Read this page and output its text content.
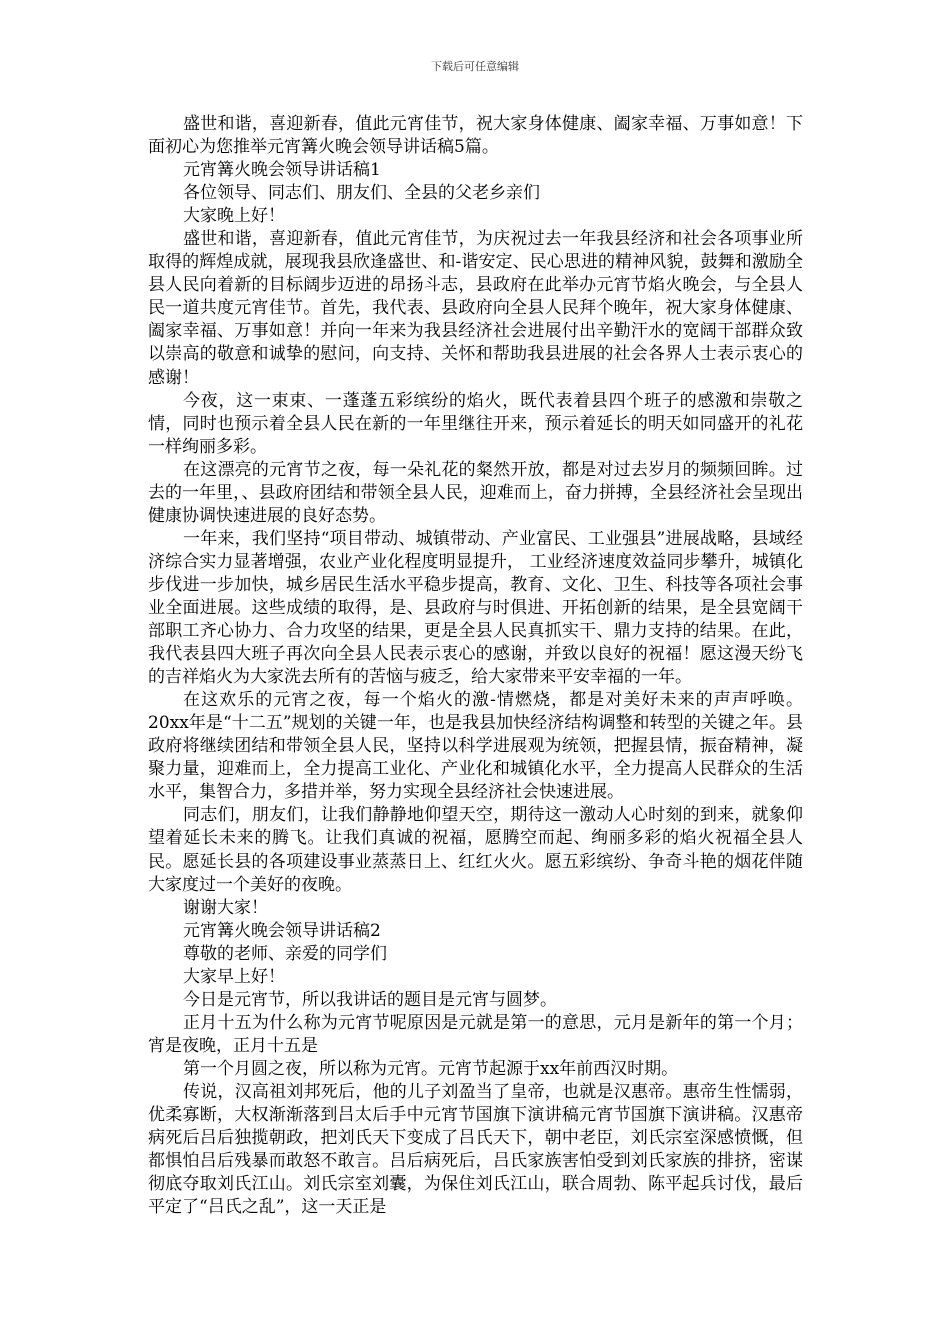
下载后可任意编辑

盛世和谐，喜迎新春，值此元宵佳节，祝大家身体健康、阖家幸福、万事如意！下面初心为您推举元宵篝火晚会领导讲话稿5篇。

元宵篝火晚会领导讲话稿1

各位领导、同志们、朋友们、全县的父老乡亲们

大家晚上好！

盛世和谐，喜迎新春，值此元宵佳节，为庆祝过去一年我县经济和社会各项事业所取得的辉煌成就，展现我县欣逢盛世、和-谐安定、民心思进的精神风貌，鼓舞和激励全县人民向着新的目标阔步迈进的昂扬斗志，县政府在此举办元宵节焰火晚会，与全县人民一道共度元宵佳节。首先，我代表、县政府向全县人民拜个晚年，祝大家身体健康、阖家幸福、万事如意！并向一年来为我县经济社会进展付出辛勤汗水的宽阔干部群众致以崇高的敬意和诚挚的慰问，向支持、关怀和帮助我县进展的社会各界人士表示衷心的感谢！

今夜，这一束束、一蓬蓬五彩缤纷的焰火，既代表着县四个班子的感激和崇敬之情，同时也预示着全县人民在新的一年里继往开来，预示着延长的明天如同盛开的礼花一样绚丽多彩。

在这漂亮的元宵节之夜，每一朵礼花的粲然开放，都是对过去岁月的频频回眸。过去的一年里，、县政府团结和带领全县人民，迎难而上，奋力拼搏，全县经济社会呈现出健康协调快速进展的良好态势。

一年来，我们坚持“项目带动、城镇带动、产业富民、工业强县”进展战略，县域经济综合实力显著增强，农业产业化程度明显提升， 工业经济速度效益同步攀升，城镇化步伐进一步加快，城乡居民生活水平稳步提高，教育、文化、卫生、科技等各项社会事业全面进展。这些成绩的取得，是、县政府与时俱进、开拓创新的结果，是全县宽阔干部职工齐心协力、合力攻坚的结果，更是全县人民真抓实干、鼎力支持的结果。在此，我代表县四大班子再次向全县人民表示衷心的感谢，并致以良好的祝福！愿这漫天纷飞的吉祥焰火为大家洗去所有的苦恼与疲乏，给大家带来平安幸福的一年。

在这欢乐的元宵之夜，每一个焰火的激-情燃烧，都是对美好未来的声声呼唤。20xx年是“十二五”规划的关键一年，也是我县加快经济结构调整和转型的关键之年。县政府将继续团结和带领全县人民，坚持以科学进展观为统领，把握县情，振奋精神，凝聚力量，迎难而上，全力提高工业化、产业化和城镇化水平，全力提高人民群众的生活水平，集智合力，多措并举，努力实现全县经济社会快速进展。

同志们，朋友们，让我们静静地仰望天空，期待这一激动人心时刻的到来，就象仰望着延长未来的腾飞。让我们真诚的祝福，愿腾空而起、绚丽多彩的焰火祝福全县人民。愿延长县的各项建设事业蒸蒸日上、红红火火。愿五彩缤纷、争奇斗艳的烟花伴随大家度过一个美好的夜晚。

谢谢大家！

元宵篝火晚会领导讲话稿2

尊敬的老师、亲爱的同学们

大家早上好！

今日是元宵节，所以我讲话的题目是元宵与圆梦。

正月十五为什么称为元宵节呢原因是元就是第一的意思，元月是新年的第一个月；宵是夜晚，正月十五是

第一个月圆之夜，所以称为元宵。元宵节起源于xx年前西汉时期。

传说，汉高祖刘邦死后，他的儿子刘盈当了皇帝，也就是汉惠帝。惠帝生性懦弱，优柔寡断，大权渐渐落到吕太后手中元宵节国旗下演讲稿元宵节国旗下演讲稿。汉惠帝病死后吕后独揽朝政，把刘氏天下变成了吕氏天下，朝中老臣，刘氏宗室深感愤慨，但都惧怕吕后残暴而敢怒不敢言。吕后病死后，吕氏家族害怕受到刘氏家族的排挤，密谋彻底夺取刘氏江山。刘氏宗室刘囊，为保住刘氏江山，联合周勃、陈平起兵讨伐，最后平定了“吕氏之乱”，这一天正是
